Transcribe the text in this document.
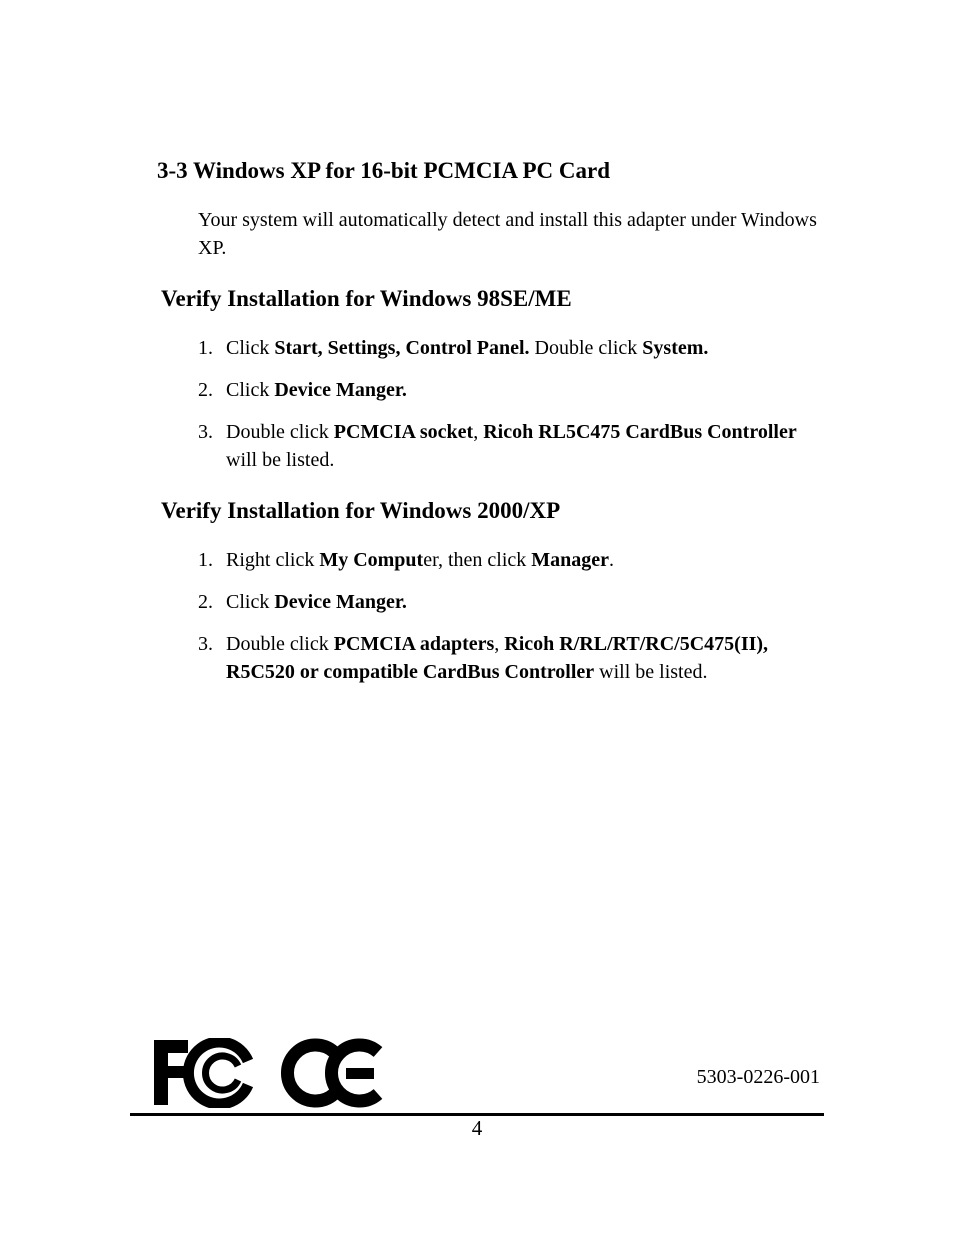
3-3 Windows XP for 16-bit PCMCIA PC Card

Your system will automatically detect and install this adapter under Windows XP.

Verify Installation for Windows 98SE/ME
1. Click Start, Settings, Control Panel. Double click System.
2. Click Device Manger.
3. Double click PCMCIA socket, Ricoh RL5C475 CardBus Controller will be listed.
Verify Installation for Windows 2000/XP
1. Right click My Computer, then click Manager.
2. Click Device Manger.
3. Double click PCMCIA adapters, Ricoh R/RL/RT/RC/5C475(II), R5C520 or compatible CardBus Controller will be listed.
5303-0226-001
4
